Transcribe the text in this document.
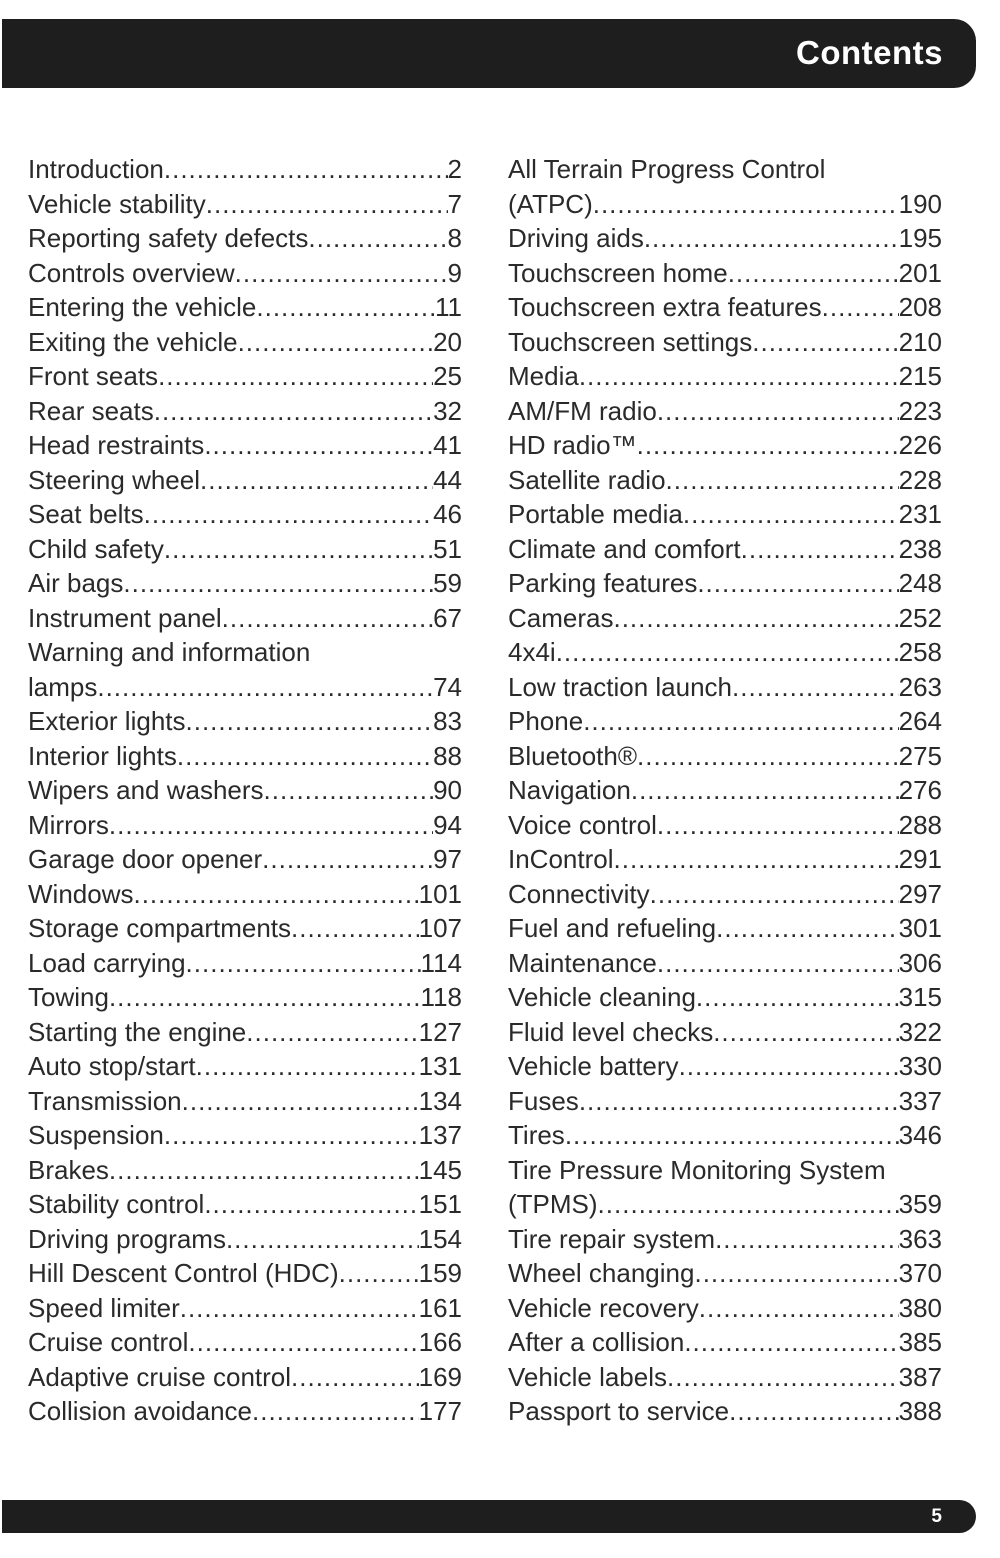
Contents
Introduction .....	2
Vehicle stability .....	7
Reporting safety defects .....	8
Controls overview .....	9
Entering the vehicle .....	11
Exiting the vehicle .....	20
Front seats .....	25
Rear seats .....	32
Head restraints .....	41
Steering wheel .....	44
Seat belts .....	46
Child safety .....	51
Air bags .....	59
Instrument panel .....	67
Warning and information
lamps .....	74
Exterior lights .....	83
Interior lights .....	88
Wipers and washers .....	90
Mirrors .....	94
Garage door opener .....	97
Windows .....	101
Storage compartments .....	107
Load carrying .....	114
Towing .....	118
Starting the engine .....	127
Auto stop/start .....	131
Transmission .....	134
Suspension .....	137
Brakes .....	145
Stability control .....	151
Driving programs .....	154
Hill Descent Control (HDC) .....	159
Speed limiter .....	161
Cruise control .....	166
Adaptive cruise control .....	169
Collision avoidance .....	177
All Terrain Progress Control
(ATPC) .....	190
Driving aids .....	195
Touchscreen home .....	201
Touchscreen extra features .....	208
Touchscreen settings .....	210
Media .....	215
AM/FM radio .....	223
HD radio™ .....	226
Satellite radio .....	228
Portable media .....	231
Climate and comfort .....	238
Parking features .....	248
Cameras .....	252
4x4i .....	258
Low traction launch .....	263
Phone .....	264
Bluetooth® .....	275
Navigation .....	276
Voice control .....	288
InControl .....	291
Connectivity .....	297
Fuel and refueling .....	301
Maintenance .....	306
Vehicle cleaning .....	315
Fluid level checks .....	322
Vehicle battery .....	330
Fuses .....	337
Tires .....	346
Tire Pressure Monitoring System
(TPMS) .....	359
Tire repair system .....	363
Wheel changing .....	370
Vehicle recovery .....	380
After a collision .....	385
Vehicle labels .....	387
Passport to service .....	388
5
